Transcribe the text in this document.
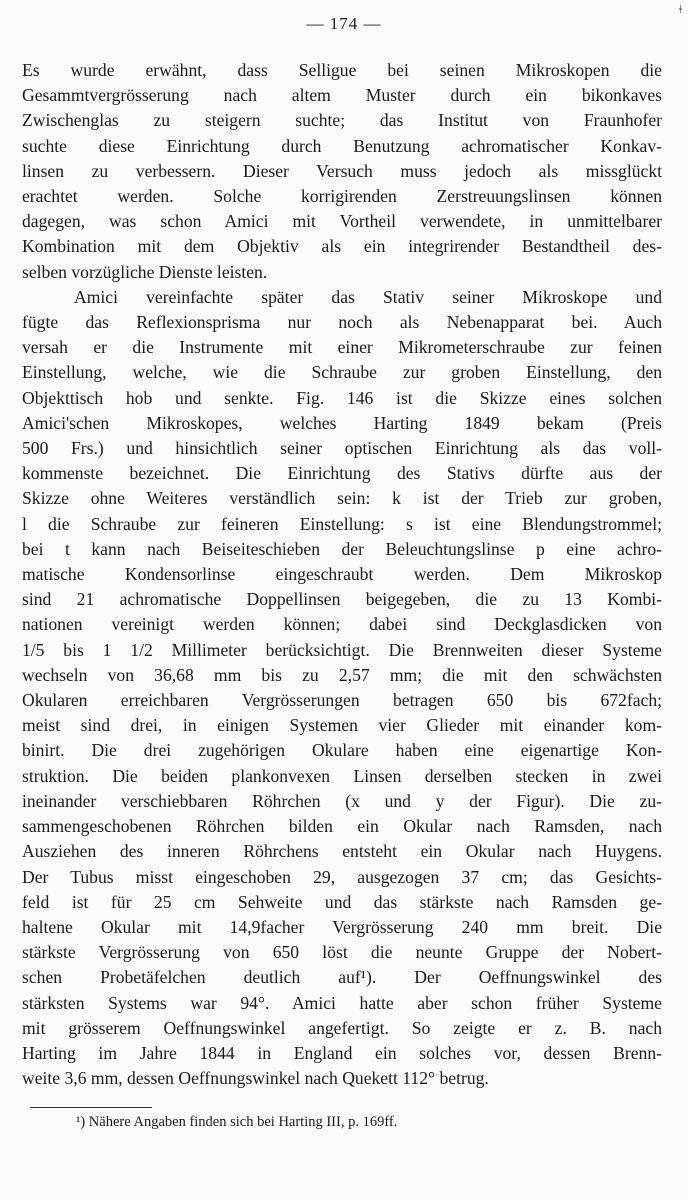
ǂ
— 174 —
Es wurde erwähnt, dass Selligue bei seinen Mikroskopen die
Gesammtvergrösserung nach altem Muster durch ein bikonkaves
Zwischenglas zu steigern suchte; das Institut von Fraunhofer
suchte diese Einrichtung durch Benutzung achromatischer Konkav-
linsen zu verbessern. Dieser Versuch muss jedoch als missglückt
erachtet werden. Solche korrigirenden Zerstreuungslinsen können
dagegen, was schon Amici mit Vortheil verwendete, in unmittelbarer
Kombination mit dem Objektiv als ein integrirender Bestandtheil des-
selben vorzügliche Dienste leisten.
Amici vereinfachte später das Stativ seiner Mikroskope und
fügte das Reflexionsprisma nur noch als Nebenapparat bei. Auch
versah er die Instrumente mit einer Mikrometerschraube zur feinen
Einstellung, welche, wie die Schraube zur groben Einstellung, den
Objekttisch hob und senkte. Fig. 146 ist die Skizze eines solchen
Amici'schen Mikroskopes, welches Harting 1849 bekam (Preis
500 Frs.) und hinsichtlich seiner optischen Einrichtung als das voll-
kommenste bezeichnet. Die Einrichtung des Stativs dürfte aus der
Skizze ohne Weiteres verständlich sein: k ist der Trieb zur groben,
l die Schraube zur feineren Einstellung: s ist eine Blendungstrommel;
bei t kann nach Beiseiteschieben der Beleuchtungslinse p eine achro-
matische Kondensorlinse eingeschraubt werden. Dem Mikroskop
sind 21 achromatische Doppellinsen beigegeben, die zu 13 Kombi-
nationen vereinigt werden können; dabei sind Deckglasdicken von
1/5 bis 1 1/2 Millimeter berücksichtigt. Die Brennweiten dieser Systeme
wechseln von 36,68 mm bis zu 2,57 mm; die mit den schwächsten
Okularen erreichbaren Vergrösserungen betragen 650 bis 672fach;
meist sind drei, in einigen Systemen vier Glieder mit einander kom-
binirt. Die drei zugehörigen Okulare haben eine eigenartige Kon-
struktion. Die beiden plankonvexen Linsen derselben stecken in zwei
ineinander verschiebbaren Röhrchen (x und y der Figur). Die zu-
sammengeschobenen Röhrchen bilden ein Okular nach Ramsden, nach
Ausziehen des inneren Röhrchens entsteht ein Okular nach Huygens.
Der Tubus misst eingeschoben 29, ausgezogen 37 cm; das Gesichts-
feld ist für 25 cm Sehweite und das stärkste nach Ramsden ge-
haltene Okular mit 14,9facher Vergrösserung 240 mm breit. Die
stärkste Vergrösserung von 650 löst die neunte Gruppe der Nobert-
schen Probetäfelchen deutlich auf¹). Der Oeffnungswinkel des
stärksten Systems war 94°. Amici hatte aber schon früher Systeme
mit grösserem Oeffnungswinkel angefertigt. So zeigte er z. B. nach
Harting im Jahre 1844 in England ein solches vor, dessen Brenn-
weite 3,6 mm, dessen Oeffnungswinkel nach Quekett 112° betrug.
¹) Nähere Angaben finden sich bei Harting III, p. 169ff.
